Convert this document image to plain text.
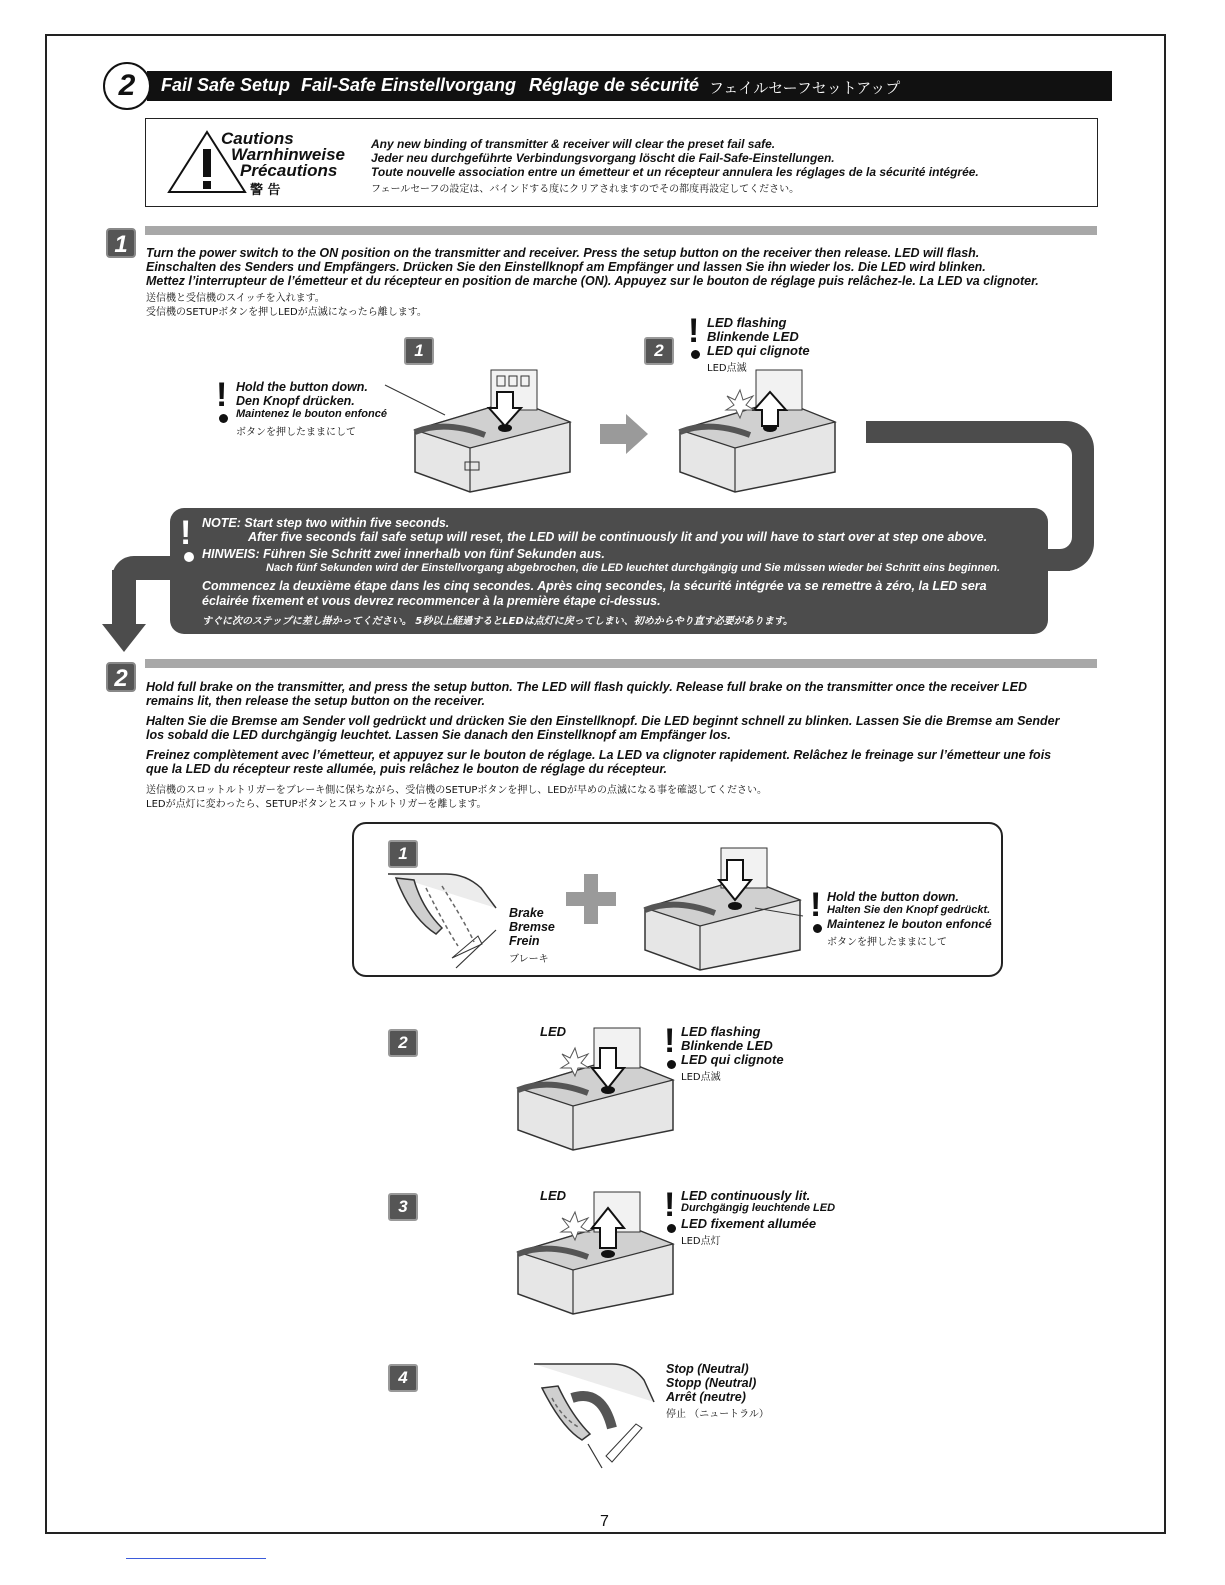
Fail Safe Setup Fail-Safe Einstellvorgang Réglage de sécurité フェイルセーフセットアップ
2
Cautions
Warnhinweise
Précautions
警 告
Any new binding of transmitter & receiver will clear the preset fail safe.
Jeder neu durchgeführte Verbindungsvorgang löscht die Fail-Safe-Einstellungen.
Toute nouvelle association entre un émetteur et un récepteur annulera les réglages de la sécurité intégrée.
フェールセーフの設定は、バインドする度にクリアされますのでその都度再設定してください。
1	Turn the power switch to the ON position on the transmitter and receiver. Press the setup button on the receiver then release. LED will flash.
Einschalten des Senders und Empfängers. Drücken Sie den Einstellknopf am Empfänger und lassen Sie ihn wieder los. Die LED wird blinken.
Mettez l’interrupteur de l’émetteur et du récepteur en position de marche (ON). Appuyez sur le bouton de réglage puis relâchez-le. La LED va clignoter.
送信機と受信機のスイッチを入れます。
受信機のSETUPボタンを押しLEDが点滅になったら離します。
1	2
! Hold the button down.
Den Knopf drücken.
Maintenez le bouton enfoncé
ボタンを押したままにして
! LED flashing
Blinkende LED
LED qui clignote
LED点滅
! NOTE: Start step two within five seconds.
After five seconds fail safe setup will reset, the LED will be continuously lit and you will have to start over at step one above.
HINWEIS: Führen Sie Schritt zwei innerhalb von fünf Sekunden aus.
Nach fünf Sekunden wird der Einstellvorgang abgebrochen, die LED leuchtet durchgängig und Sie müssen wieder bei Schritt eins beginnen.
Commencez la deuxième étape dans les cinq secondes. Après cinq secondes, la sécurité intégrée va se remettre à zéro, la LED sera
éclairée fixement et vous devrez recommencer à la première étape ci-dessus.
すぐに次のステップに差し掛かってください。 5秒以上経過するとLEDは点灯に戻ってしまい、初めからやり直す必要があります。
2	Hold full brake on the transmitter, and press the setup button. The LED will flash quickly. Release full brake on the transmitter once the receiver LED
remains lit, then release the setup button on the receiver.
Halten Sie die Bremse am Sender voll gedrückt und drücken Sie den Einstellknopf. Die LED beginnt schnell zu blinken. Lassen Sie die Bremse am Sender
los sobald die LED durchgängig leuchtet. Lassen Sie danach den Einstellknopf am Empfänger los.
Freinez complètement avec l’émetteur, et appuyez sur le bouton de réglage. La LED va clignoter rapidement. Relâchez le freinage sur l’émetteur une fois
que la LED du récepteur reste allumée, puis relâchez le bouton de réglage du récepteur.
送信機のスロットルトリガーをブレーキ側に保ちながら、受信機のSETUPボタンを押し、LEDが早めの点滅になる事を確認してください。
LEDが点灯に変わったら、SETUPボタンとスロットルトリガーを離します。
1
Brake
Bremse
Frein
ブレーキ
! Hold the button down.
Halten Sie den Knopf gedrückt.
Maintenez le bouton enfoncé
ボタンを押したままにして
2
LED	! LED flashing
Blinkende LED
LED qui clignote
LED点滅
3
LED	! LED continuously lit.
Durchgängig leuchtende LED
LED fixement allumée
LED点灯
4	Stop (Neutral)
Stopp (Neutral)
Arrêt (neutre)
停止 （ニュートラル）
7
